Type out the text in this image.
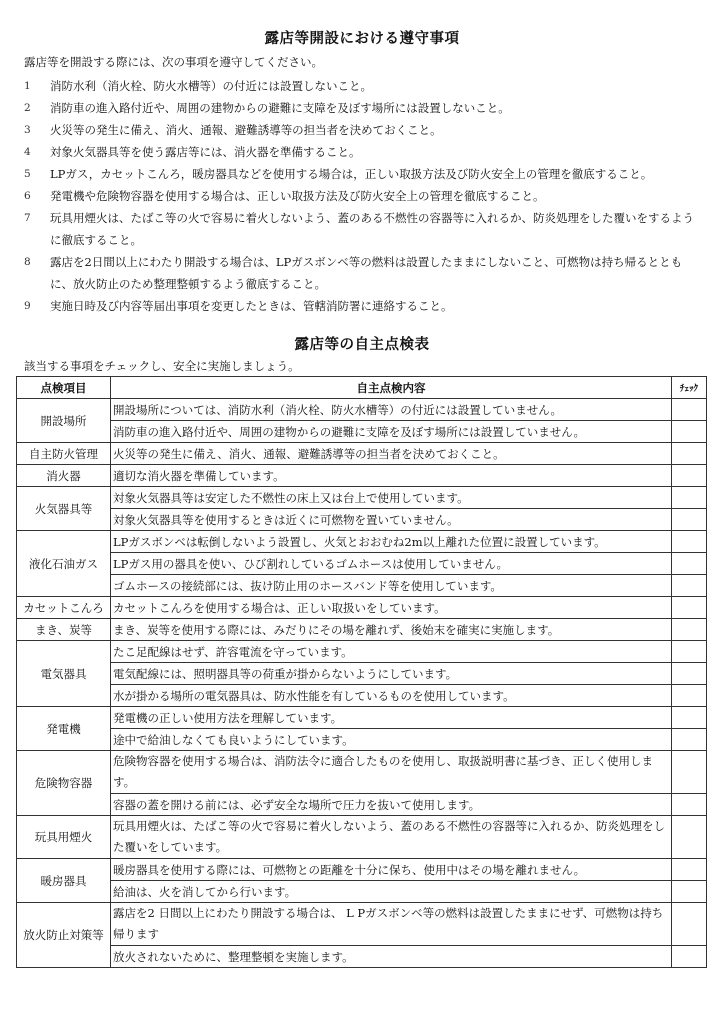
露店等開設における遵守事項
露店等を開設する際には、次の事項を遵守してください。
1 消防水利（消火栓、防火水槽等）の付近には設置しないこと。
2 消防車の進入路付近や、周囲の建物からの避難に支障を及ぼす場所には設置しないこと。
3 火災等の発生に備え、消火、通報、避難誘導等の担当者を決めておくこと。
4 対象火気器具等を使う露店等には、消火器を準備すること。
5 LPガス，カセットこんろ，暖房器具などを使用する場合は，正しい取扱方法及び防火安全上の管理を徹底すること。
6 発電機や危険物容器を使用する場合は、正しい取扱方法及び防火安全上の管理を徹底すること。
7 玩具用煙火は、たばこ等の火で容易に着火しないよう、蓋のある不燃性の容器等に入れるか、防炎処理をした覆いをするように徹底すること。
8 露店を2日間以上にわたり開設する場合は、LPガスボンベ等の燃料は設置したままにしないこと、可燃物は持ち帰るとともに、放火防止のため整理整頓するよう徹底すること。
9 実施日時及び内容等届出事項を変更したときは、管轄消防署に連絡すること。
露店等の自主点検表
該当する事項をチェックし、安全に実施しましょう。
点検項目	自主点検内容	ﾁｪｯｸ
開設場所	開設場所については、消防水利（消火栓、防火水槽等）の付近には設置していません。	
	消防車の進入路付近や、周囲の建物からの避難に支障を及ぼす場所には設置していません。	
自主防火管理	火災等の発生に備え、消火、通報、避難誘導等の担当者を決めておくこと。	
消火器	適切な消火器を準備しています。	
火気器具等	対象火気器具等は安定した不燃性の床上又は台上で使用しています。	
	対象火気器具等を使用するときは近くに可燃物を置いていません。	
液化石油ガス	LPガスボンベは転倒しないよう設置し、火気とおおむね2m以上離れた位置に設置しています。	
	LPガス用の器具を使い、ひび割れしているゴムホースは使用していません。	
	ゴムホースの接続部には、抜け防止用のホースバンド等を使用しています。	
カセットこんろ	カセットこんろを使用する場合は、正しい取扱いをしています。	
まき、炭等	まき、炭等を使用する際には、みだりにその場を離れず、後始末を確実に実施します。	
電気器具	たこ足配線はせず、許容電流を守っています。	
	電気配線には、照明器具等の荷重が掛からないようにしています。	
	水が掛かる場所の電気器具は、防水性能を有しているものを使用しています。	
発電機	発電機の正しい使用方法を理解しています。	
	途中で給油しなくても良いようにしています。	
危険物容器	危険物容器を使用する場合は、消防法令に適合したものを使用し、取扱説明書に基づき、正しく使用します。	
	容器の蓋を開ける前には、必ず安全な場所で圧力を抜いて使用します。	
玩具用煙火	玩具用煙火は、たばこ等の火で容易に着火しないよう、蓋のある不燃性の容器等に入れるか、防炎処理をした覆いをしています。	
暖房器具	暖房器具を使用する際には、可燃物との距離を十分に保ち、使用中はその場を離れません。	
	給油は、火を消してから行います。	
放火防止対策等	露店を2 日間以上にわたり開設する場合は、 L Pガスボンベ等の燃料は設置したままにせず、可燃物は持ち帰ります	
	放火されないために、整理整頓を実施します。	
